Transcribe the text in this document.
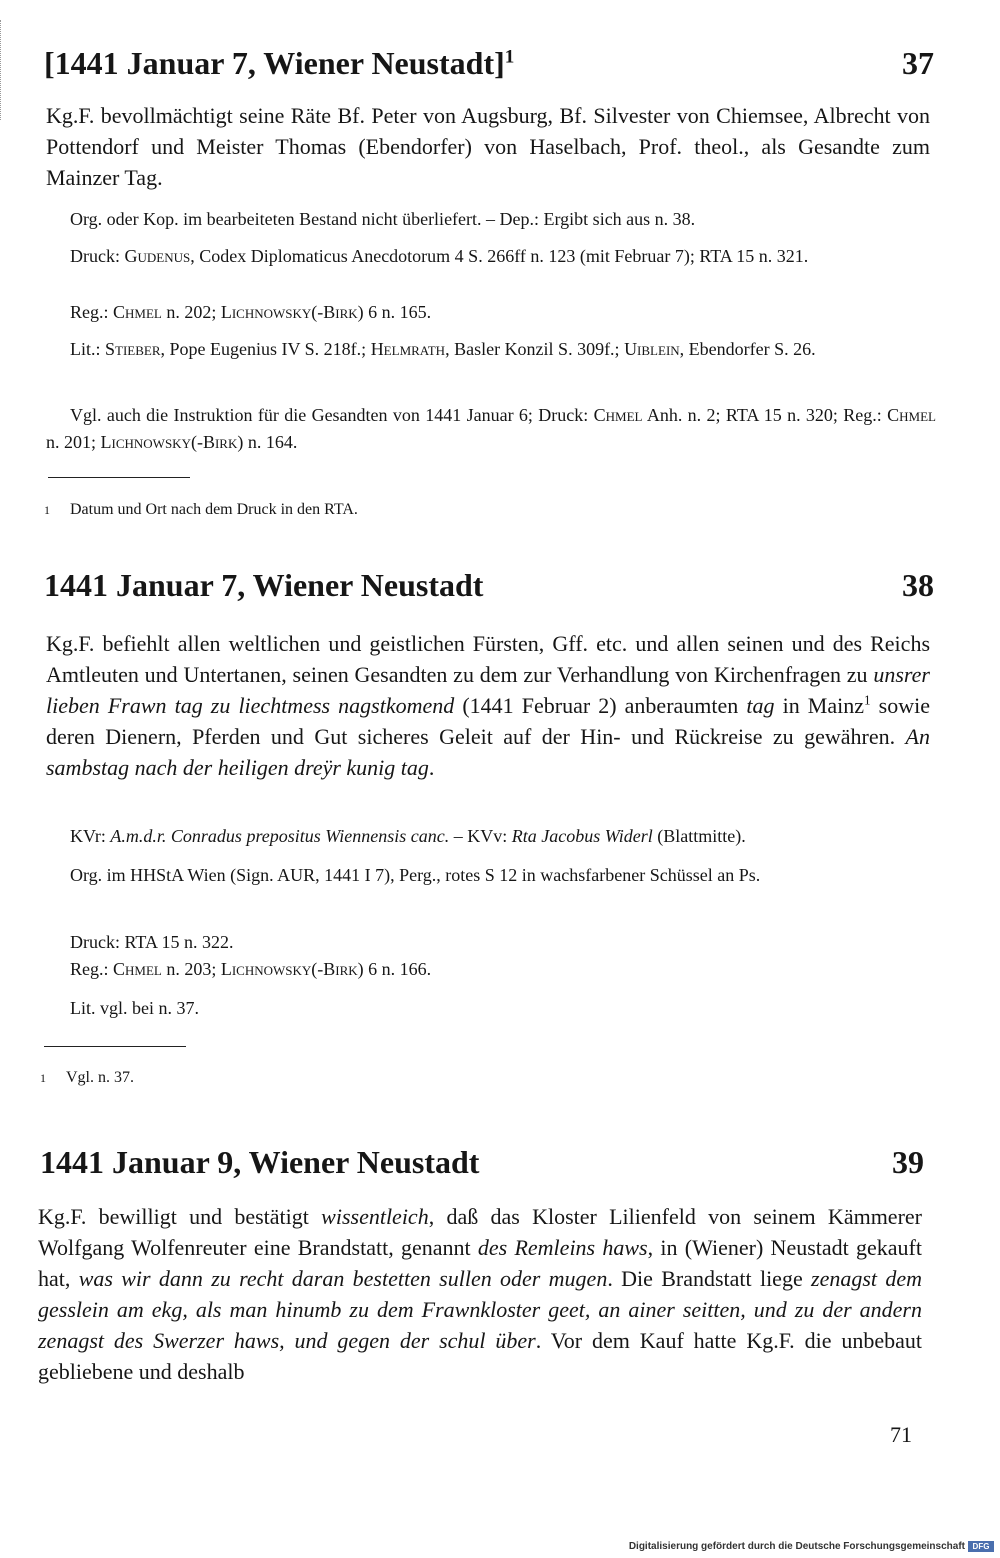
[1441 Januar 7, Wiener Neustadt]$^1$	37

Kg.F. bevollmächtigt seine Räte Bf. Peter von Augsburg, Bf. Silvester von Chiemsee, Albrecht von Pottendorf und Meister Thomas (Ebendorfer) von Haselbach, Prof. theol., als Gesandte zum Mainzer Tag.

Org. oder Kop. im bearbeiteten Bestand nicht überliefert. – Dep.: Ergibt sich aus n. 38.

Druck: Gudenus, Codex Diplomaticus Anecdotorum 4 S. 266ff n. 123 (mit Februar 7); RTA 15 n. 321.

Reg.: Chmel n. 202; Lichnowsky(-Birk) 6 n. 165.

Lit.: Stieber, Pope Eugenius IV S. 218f.; Helmrath, Basler Konzil S. 309f.; Uiblein, Ebendorfer S. 26.

Vgl. auch die Instruktion für die Gesandten von 1441 Januar 6; Druck: Chmel Anh. n. 2; RTA 15 n. 320; Reg.: Chmel n. 201; Lichnowsky(-Birk) n. 164.

1 Datum und Ort nach dem Druck in den RTA.
1441 Januar 7, Wiener Neustadt	38

Kg.F. befiehlt allen weltlichen und geistlichen Fürsten, Gff. etc. und allen seinen und des Reichs Amtleuten und Untertanen, seinen Gesandten zu dem zur Verhandlung von Kirchenfragen zu unsrer lieben Frawn tag zu liechtmess nagstkomend (1441 Februar 2) anberaumten tag in Mainz$^1$ sowie deren Dienern, Pferden und Gut sicheres Geleit auf der Hin- und Rückreise zu gewähren. An sambstag nach der heiligen dreÿr kunig tag.

KVr: A.m.d.r. Conradus prepositus Wiennensis canc. – KVv: Rta Jacobus Widerl (Blattmitte).

Org. im HHStA Wien (Sign. AUR, 1441 I 7), Perg., rotes S 12 in wachsfarbener Schüssel an Ps.

Druck: RTA 15 n. 322.

Reg.: Chmel n. 203; Lichnowsky(-Birk) 6 n. 166.

Lit. vgl. bei n. 37.

1 Vgl. n. 37.
1441 Januar 9, Wiener Neustadt	39

Kg.F. bewilligt und bestätigt wissentleich, daß das Kloster Lilienfeld von seinem Kämmerer Wolfgang Wolfenreuter eine Brandstatt, genannt des Remleins haws, in (Wiener) Neustadt gekauft hat, was wir dann zu recht daran bestetten sullen oder mugen. Die Brandstatt liege zenagst dem gesslein am ekg, als man hinumb zu dem Frawnkloster geet, an ainer seitten, und zu der andern zenagst des Swerzer haws, und gegen der schul über. Vor dem Kauf hatte Kg.F. die unbebaut gebliebene und deshalb

71
Digitalisierung gefördert durch die Deutsche Forschungsgemeinschaft DFG
